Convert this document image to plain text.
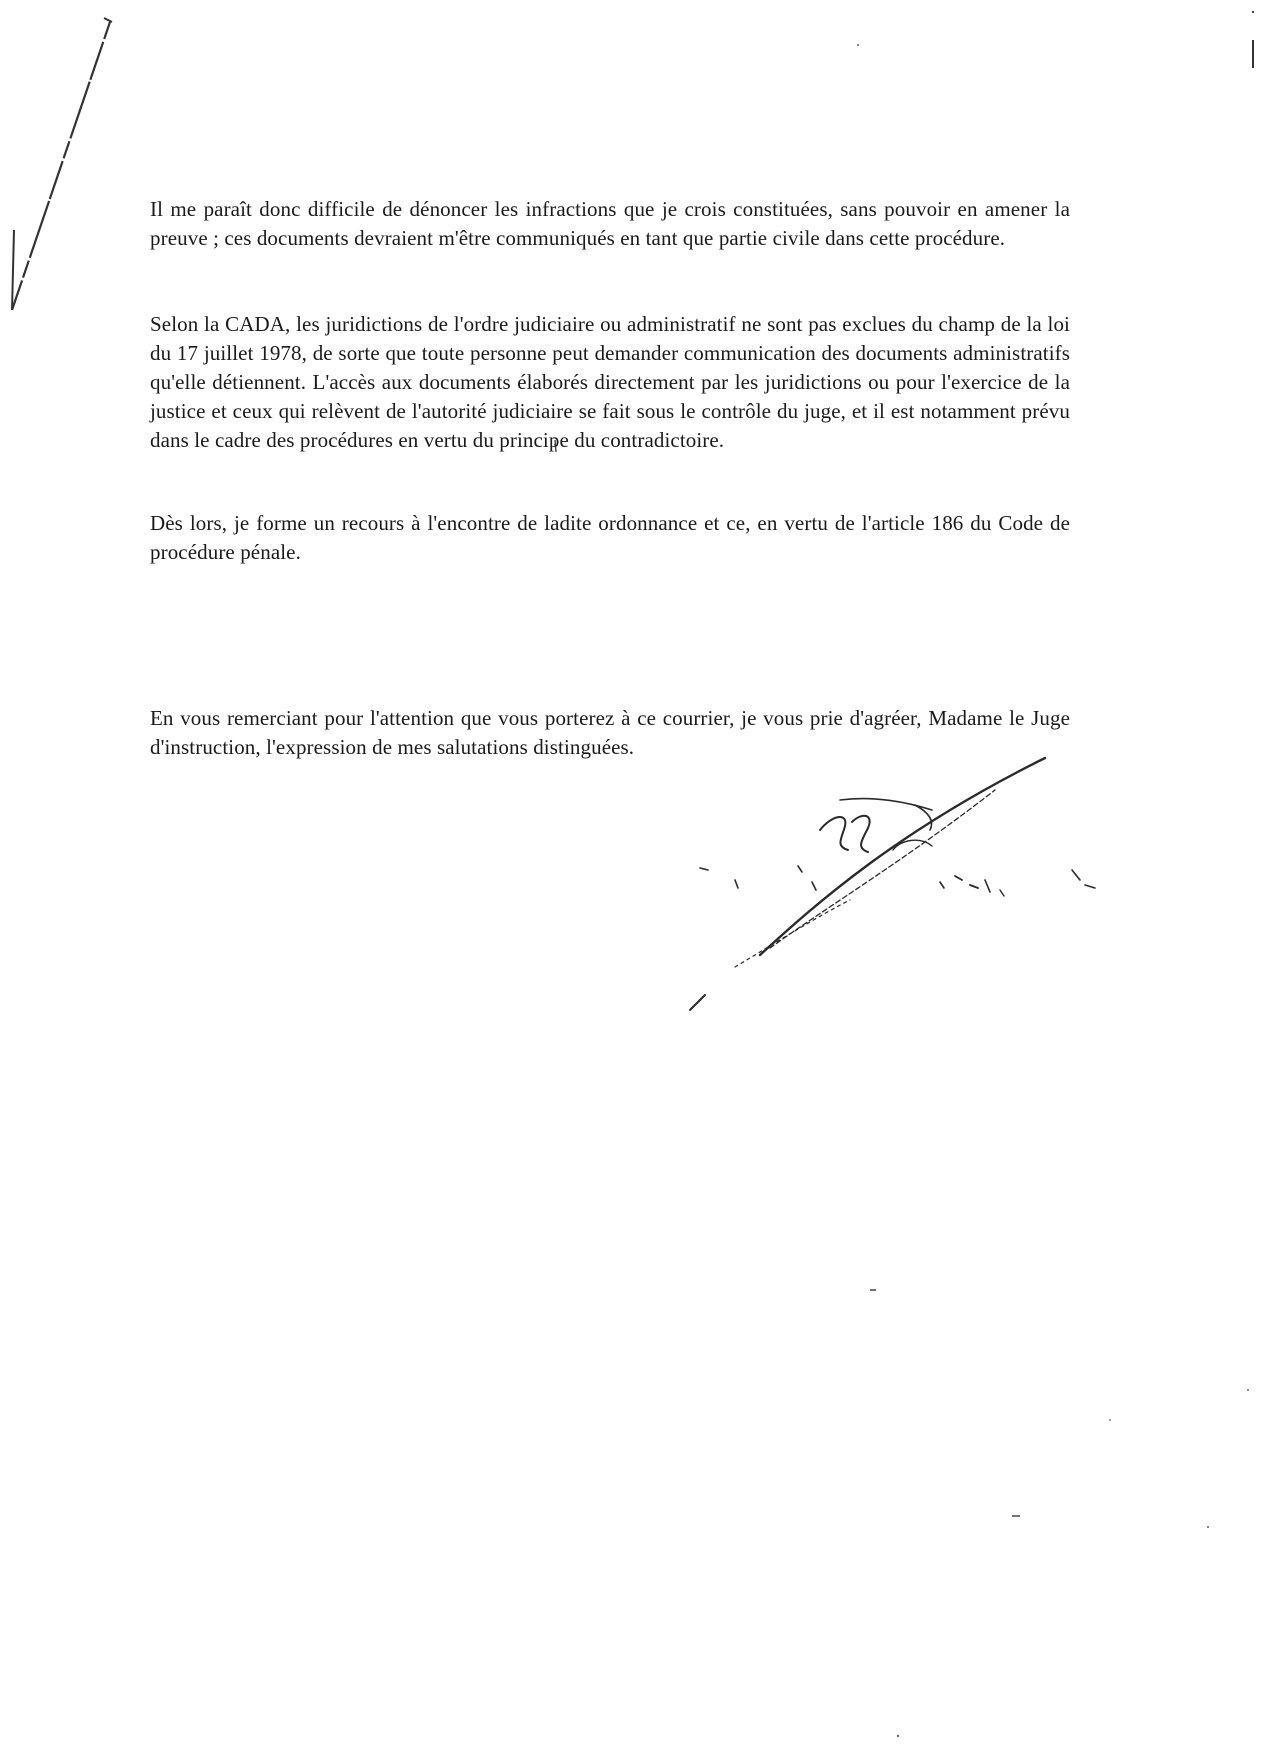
Il me paraît donc difficile de dénoncer les infractions que je crois constituées, sans pouvoir en amener la preuve ; ces documents devraient m'être communiqués en tant que partie civile dans cette procédure.

Selon la CADA, les juridictions de l'ordre judiciaire ou administratif ne sont pas exclues du champ de la loi du 17 juillet 1978, de sorte que toute personne peut demander communication des documents administratifs qu'elle détiennent. L'accès aux documents élaborés directement par les juridictions ou pour l'exercice de la justice et ceux qui relèvent de l'autorité judiciaire se fait sous le contrôle du juge, et il est notamment prévu dans le cadre des procédures en vertu du principe du contradictoire.

Dès lors, je forme un recours à l'encontre de ladite ordonnance et ce, en vertu de l'article 186 du Code de procédure pénale.

En vous remerciant pour l'attention que vous porterez à ce courrier, je vous prie d'agréer, Madame le Juge d'instruction, l'expression de mes salutations distinguées.
